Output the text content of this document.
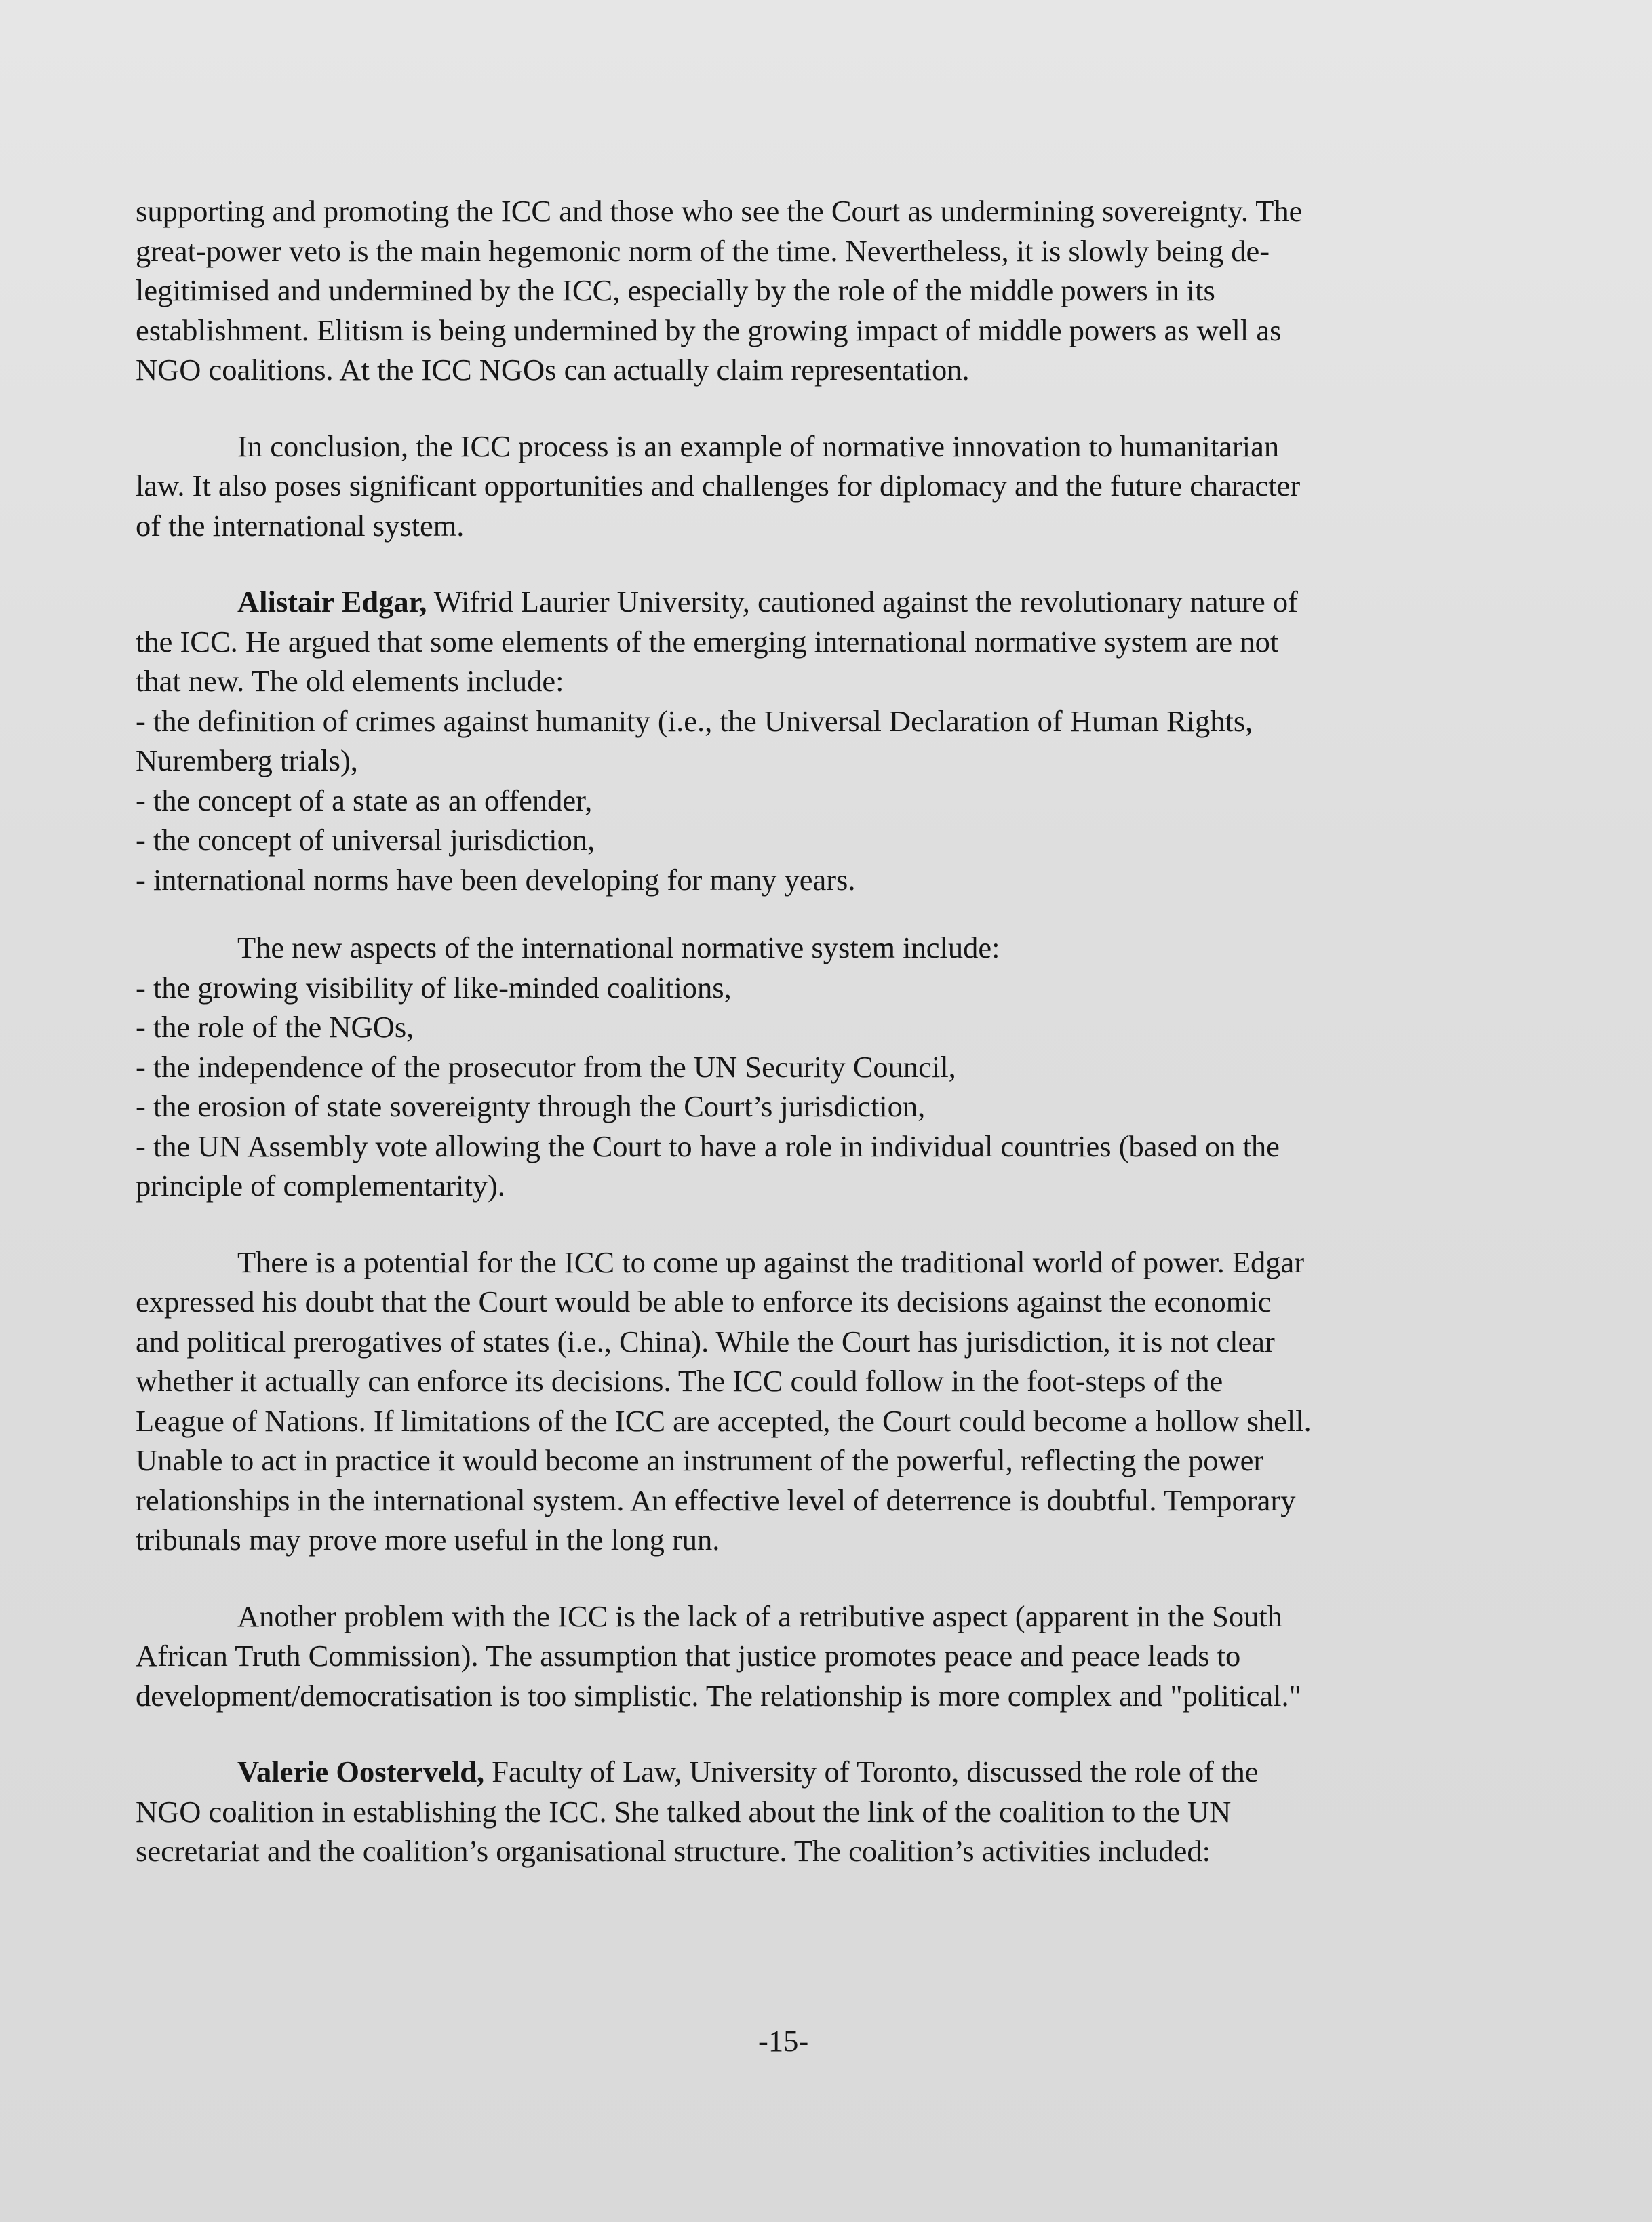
supporting and promoting the ICC and those who see the Court as undermining sovereignty. The
great-power veto is the main hegemonic norm of the time. Nevertheless, it is slowly being de-
legitimised and undermined by the ICC, especially by the role of the middle powers in its
establishment. Elitism is being undermined by the growing impact of middle powers as well as
NGO coalitions. At the ICC NGOs can actually claim representation.
In conclusion, the ICC process is an example of normative innovation to humanitarian
law. It also poses significant opportunities and challenges for diplomacy and the future character
of the international system.
Alistair Edgar, Wifrid Laurier University, cautioned against the revolutionary nature of
the ICC. He argued that some elements of the emerging international normative system are not
that new. The old elements include:
- the definition of crimes against humanity (i.e., the Universal Declaration of Human Rights,
Nuremberg trials),
- the concept of a state as an offender,
- the concept of universal jurisdiction,
- international norms have been developing for many years.
The new aspects of the international normative system include:
- the growing visibility of like-minded coalitions,
- the role of the NGOs,
- the independence of the prosecutor from the UN Security Council,
- the erosion of state sovereignty through the Court’s jurisdiction,
- the UN Assembly vote allowing the Court to have a role in individual countries (based on the
principle of complementarity).
There is a potential for the ICC to come up against the traditional world of power. Edgar
expressed his doubt that the Court would be able to enforce its decisions against the economic
and political prerogatives of states (i.e., China). While the Court has jurisdiction, it is not clear
whether it actually can enforce its decisions. The ICC could follow in the foot-steps of the
League of Nations. If limitations of the ICC are accepted, the Court could become a hollow shell.
Unable to act in practice it would become an instrument of the powerful, reflecting the power
relationships in the international system. An effective level of deterrence is doubtful. Temporary
tribunals may prove more useful in the long run.
Another problem with the ICC is the lack of a retributive aspect (apparent in the South
African Truth Commission). The assumption that justice promotes peace and peace leads to
development/democratisation is too simplistic. The relationship is more complex and "political."
Valerie Oosterveld, Faculty of Law, University of Toronto, discussed the role of the
NGO coalition in establishing the ICC. She talked about the link of the coalition to the UN
secretariat and the coalition’s organisational structure. The coalition’s activities included:
-15-
